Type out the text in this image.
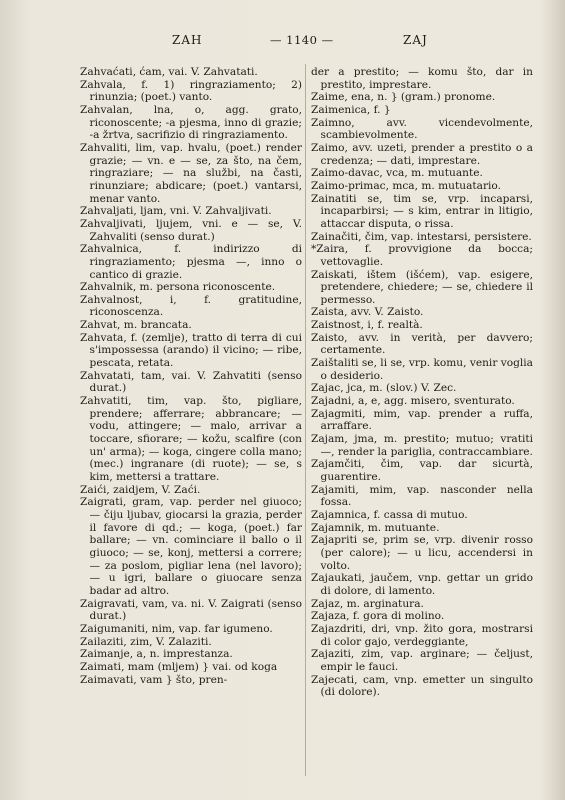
ZAH	— 1140 —	ZAJ
Zahvaćati, ćam, vai. V. Zahvatati.
Zahvala, f. 1) ringraziamento; 2) rinunzia; (poet.) vanto.
Zahvalan, lna, o, agg. grato, riconoscente; -a pjesma, inno di grazie; -a žrtva, sacrifizio di ringraziamento.
Zahvaliti, lim, vap. hvalu, (poet.) render grazie; — vn. e — se, za što, na čem, ringraziare; — na službi, na časti, rinunziare; abdicare; (poet.) vantarsi, menar vanto.
Zahvaljati, ljam, vni. V. Zahvaljivati.
Zahvaljivati, ljujem, vni. e — se, V. Zahvaliti (senso durat.)
Zahvalnica, f. indirizzo di ringraziamento; pjesma —, inno o cantico di grazie.
Zahvalnik, m. persona riconoscente.
Zahvalnost, i, f. gratitudine, riconoscenza.
Zahvat, m. brancata.
Zahvata, f. (zemlje), tratto di terra di cui s'impossessa (arando) il vicino; — ribe, pescata, retata.
Zahvatati, tam, vai. V. Zahvatiti (senso durat.)
Zahvatiti, tim, vap. što, pigliare, prendere; afferrare; abbrancare; — vodu, attingere; — malo, arrivar a toccare, sfiorare; — kožu, scalfire (con un' arma); — koga, cingere colla mano; (mec.) ingranare (di ruote); — se, s kim, mettersi a trattare.
Zaići, zaidjem, V. Zaći.
Zaigrati, gram, vap. perder nel giuoco; — čiju ljubav, giocarsi la grazia, perder il favore di qd.; — koga, (poet.) far ballare; — vn. cominciare il ballo o il giuoco; — se, konj, mettersi a correre; — za poslom, pigliar lena (nel lavoro); — u igri, ballare o giuocare senza badar ad altro.
Zaigravati, vam, va. ni. V. Zaigrati (senso durat.)
Zaigumaniti, nim, vap. far igumeno.
Zailaziti, zim, V. Zalaziti.
Zaimanje, a, n. imprestanza.
Zaimati, mam (mljem) } vai. od koga
Zaimavati, vam } što, pren-
der a prestito; — komu što, dar in prestito, imprestare.
Zaime, ena, n. } (gram.) pronome.
Zaimenica, f. }
Zaimno, avv. vicendevolmente, scambievolmente.
Zaimo, avv. uzeti, prender a prestito o a credenza; — dati, imprestare.
Zaimo-davac, vca, m. mutuante.
Zaimo-primac, mca, m. mutuatario.
Zainatiti se, tim se, vrp. incaparsi, incaparbirsi; — s kim, entrar in litigio, attaccar disputa, o rissa.
Zainačiti, čim, vap. intestarsi, persistere.
*Zaira, f. provvigione da bocca; vettovaglie.
Zaiskati, ištem (išćem), vap. esigere, pretendere, chiedere; — se, chiedere il permesso.
Zaista, avv. V. Zaisto.
Zaistnost, i, f. realtà.
Zaisto, avv. in verità, per davvero; certamente.
Zaištaliti se, li se, vrp. komu, venir voglia o desiderio.
Zajac, jca, m. (slov.) V. Zec.
Zajadni, a, e, agg. misero, sventurato.
Zajagmiti, mim, vap. prender a ruffa, arraffare.
Zajam, jma, m. prestito; mutuo; vratiti —, render la pariglia, contraccambiare.
Zajamčiti, čim, vap. dar sicurtà, guarentire.
Zajamiti, mim, vap. nasconder nella fossa.
Zajamnica, f. cassa di mutuo.
Zajamnik, m. mutuante.
Zajapriti se, prim se, vrp. divenir rosso (per calore); — u licu, accendersi in volto.
Zajaukati, jaučem, vnp. gettar un grido di dolore, di lamento.
Zajaz, m. arginatura.
Zajaza, f. gora di molino.
Zajazdriti, dri, vnp. žito gora, mostrarsi di color gajo, verdeggiante,
Zajaziti, zim, vap. arginare; — čeljust, empir le fauci.
Zajecati, cam, vnp. emetter un singulto (di dolore).
